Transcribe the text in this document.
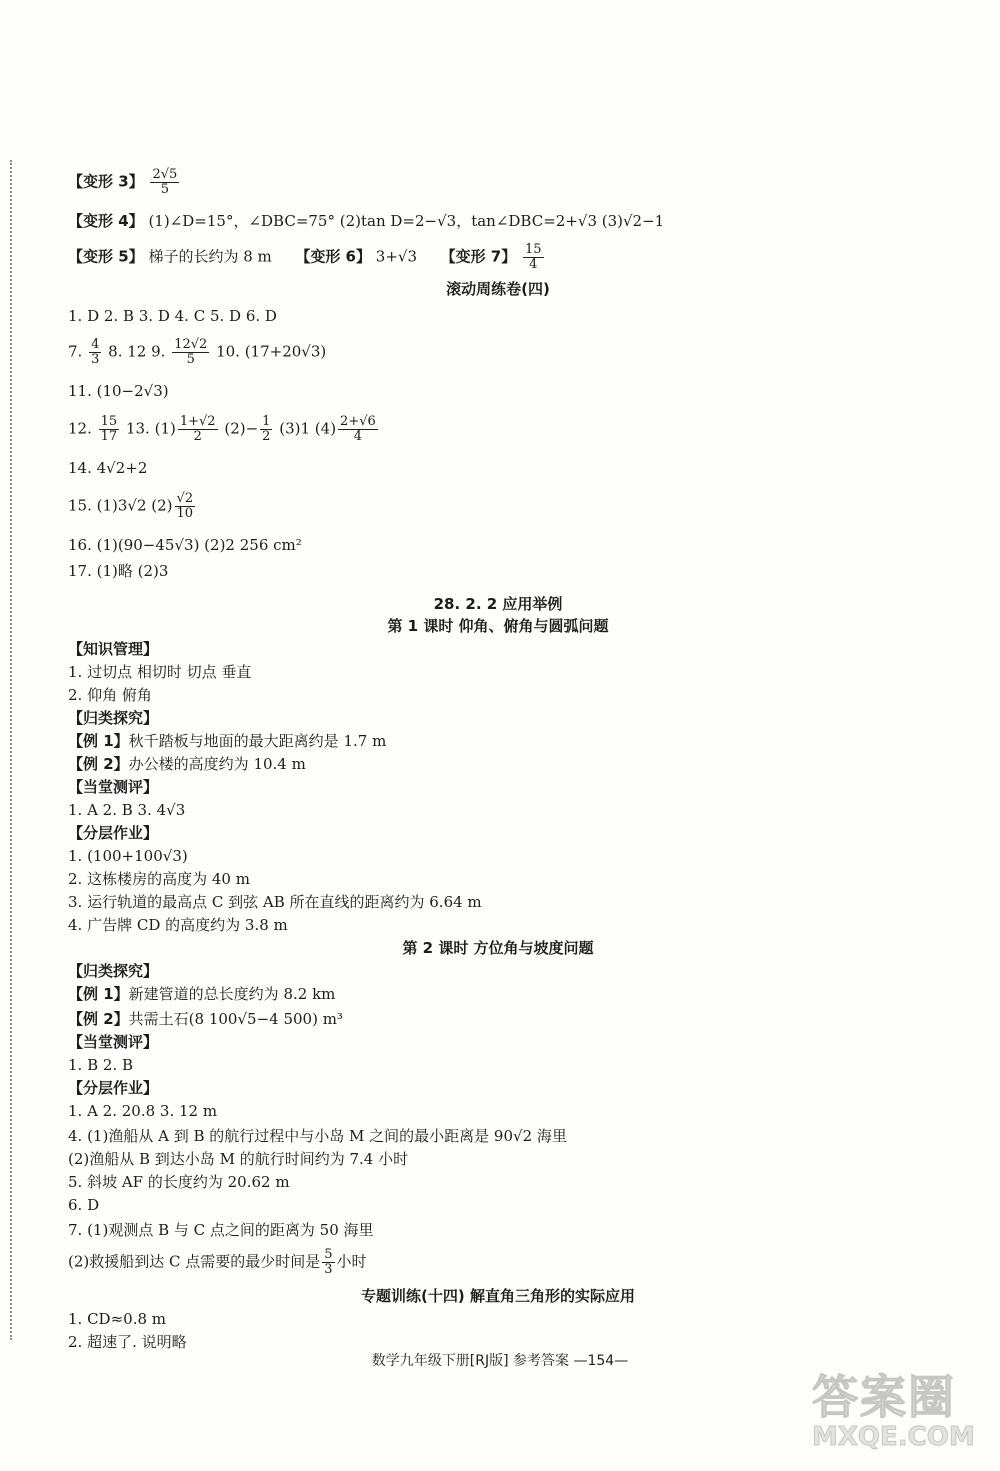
【变形 3】 $\frac{2√5}{5}$
【变形 4】 (1)∠D=15°，∠DBC=75° (2)tan D=2−√3，tan∠DBC=2+√3 (3)√2−1
【变形 5】 梯子的长约为 8 m 【变形 6】 3+√3 【变形 7】 $\frac{15}{4}$
滚动周练卷(四)
1. D 2. B 3. D 4. C 5. D 6. D
7. $\frac{4}{3} 8$. 12 9. $\frac{12√2}{5} 10$. (17+20√3)
11. (10−2√3)
12. $\frac{15}{17} 13$. $(1) \frac{1+√2}{2} (2)- \frac{1}{2} (3)1$ $(4) \frac{2+√6}{4}$
14. 4√2+2
15. (1)3√2 $(2) \frac{√2}{10}$
16. (1)(90−45√3) (2)2 256 cm²
17. (1)略 (2)3
28. 2. 2 应用举例
第 1 课时 仰角、俯角与圆弧问题
【知识管理】
1. 过切点 相切时 切点 垂直
2. 仰角 俯角
【归类探究】
【例 1】秋千踏板与地面的最大距离约是 1.7 m
【例 2】办公楼的高度约为 10.4 m
【当堂测评】
1. A 2. B 3. 4√3
【分层作业】
1. (100+100√3)
2. 这栋楼房的高度为 40 m
3. 运行轨道的最高点 C 到弦 AB 所在直线的距离约为 6.64 m
4. 广告牌 CD 的高度约为 3.8 m
第 2 课时 方位角与坡度问题
【归类探究】
【例 1】新建管道的总长度约为 8.2 km
【例 2】共需土石(8 100√5−4 500) m³
【当堂测评】
1. B 2. B
【分层作业】
1. A 2. 20.8 3. 12 m
4. (1)渔船从 A 到 B 的航行过程中与小岛 M 之间的最小距离是 90√2 海里
(2)渔船从 B 到达小岛 M 的航行时间约为 7.4 小时
5. 斜坡 AF 的长度约为 20.62 m
6. D
7. (1)观测点 B 与 C 点之间的距离为 50 海里
(2)救援船到达 C 点需要的最少时间是 $\frac{5}{3}$ 小时
专题训练(十四) 解直角三角形的实际应用
1. CD≈0.8 m
2. 超速了. 说明略
数学九年级下册[RJ版] 参考答案 —154—
答案圈
MXQE.COM
